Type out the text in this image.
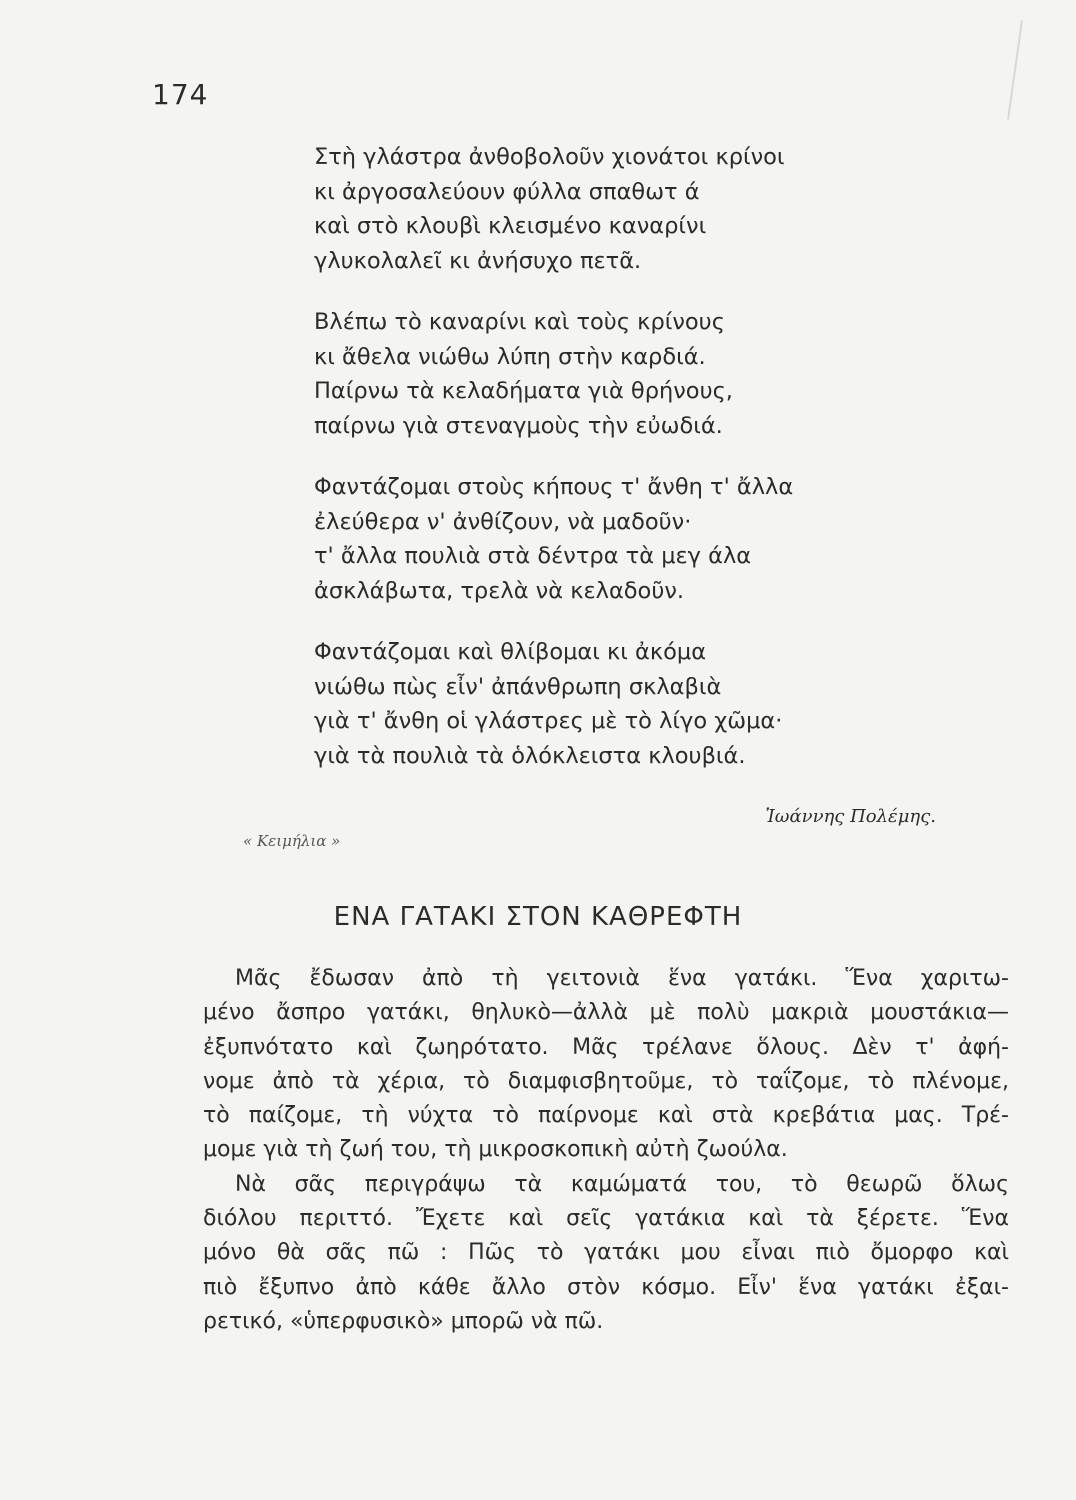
174
Στὴ γλάστρα ἀνθοβολοῦν χιονάτοι κρίνοι
κι ἀργοσαλεύουν φύλλα σπαθωτ ά
καὶ στὸ κλουβὶ κλεισμένο καναρίνι
γλυκολαλεῖ κι ἀνήσυχο πετᾶ.
Βλέπω τὸ καναρίνι καὶ τοὺς κρίνους
κι ἄθελα νιώθω λύπη στὴν καρδιά.
Παίρνω τὰ κελαδήματα γιὰ θρήνους,
παίρνω γιὰ στεναγμοὺς τὴν εὐωδιά.
Φαντάζομαι στοὺς κήπους τ' ἄνθη τ' ἄλλα
ἐλεύθερα ν' ἀνθίζουν, νὰ μαδοῦν·
τ' ἄλλα πουλιὰ στὰ δέντρα τὰ μεγ άλα
ἀσκλάβωτα, τρελὰ νὰ κελαδοῦν.
Φαντάζομαι καὶ θλίβομαι κι ἀκόμα
νιώθω πὼς εἶν' ἀπάνθρωπη σκλαβιὰ
γιὰ τ' ἄνθη οἱ γλάστρες μὲ τὸ λίγο χῶμα·
γιὰ τὰ πουλιὰ τὰ ὁλόκλειστα κλουβιά.
Ἰωάννης Πολέμης.
« Κειμήλια »
ΕΝΑ ΓΑΤΑΚΙ ΣΤΟΝ ΚΑΘΡΕΦΤΗ
Μᾶς ἔδωσαν ἀπὸ τὴ γειτονιὰ ἕνα γατάκι. Ἕνα χαριτω-
μένο ἄσπρο γατάκι, θηλυκὸ—ἀλλὰ μὲ πολὺ μακριὰ μουστάκια—
ἐξυπνότατο καὶ ζωηρότατο. Μᾶς τρέλανε ὅλους. Δὲν τ' ἀφή-
νομε ἀπὸ τὰ χέρια, τὸ διαμφισβητοῦμε, τὸ ταΐζομε, τὸ πλένομε,
τὸ παίζομε, τὴ νύχτα τὸ παίρνομε καὶ στὰ κρεβάτια μας. Τρέ-
μομε γιὰ τὴ ζωή του, τὴ μικροσκοπικὴ αὐτὴ ζωούλα.
Νὰ σᾶς περιγράψω τὰ καμώματά του, τὸ θεωρῶ ὅλως
διόλου περιττό. Ἔχετε καὶ σεῖς γατάκια καὶ τὰ ξέρετε. Ἕνα
μόνο θὰ σᾶς πῶ : Πῶς τὸ γατάκι μου εἶναι πιὸ ὄμορφο καὶ
πιὸ ἔξυπνο ἀπὸ κάθε ἄλλο στὸν κόσμο. Εἶν' ἕνα γατάκι ἐξαι-
ρετικό, «ὑπερφυσικὸ» μπορῶ νὰ πῶ.
